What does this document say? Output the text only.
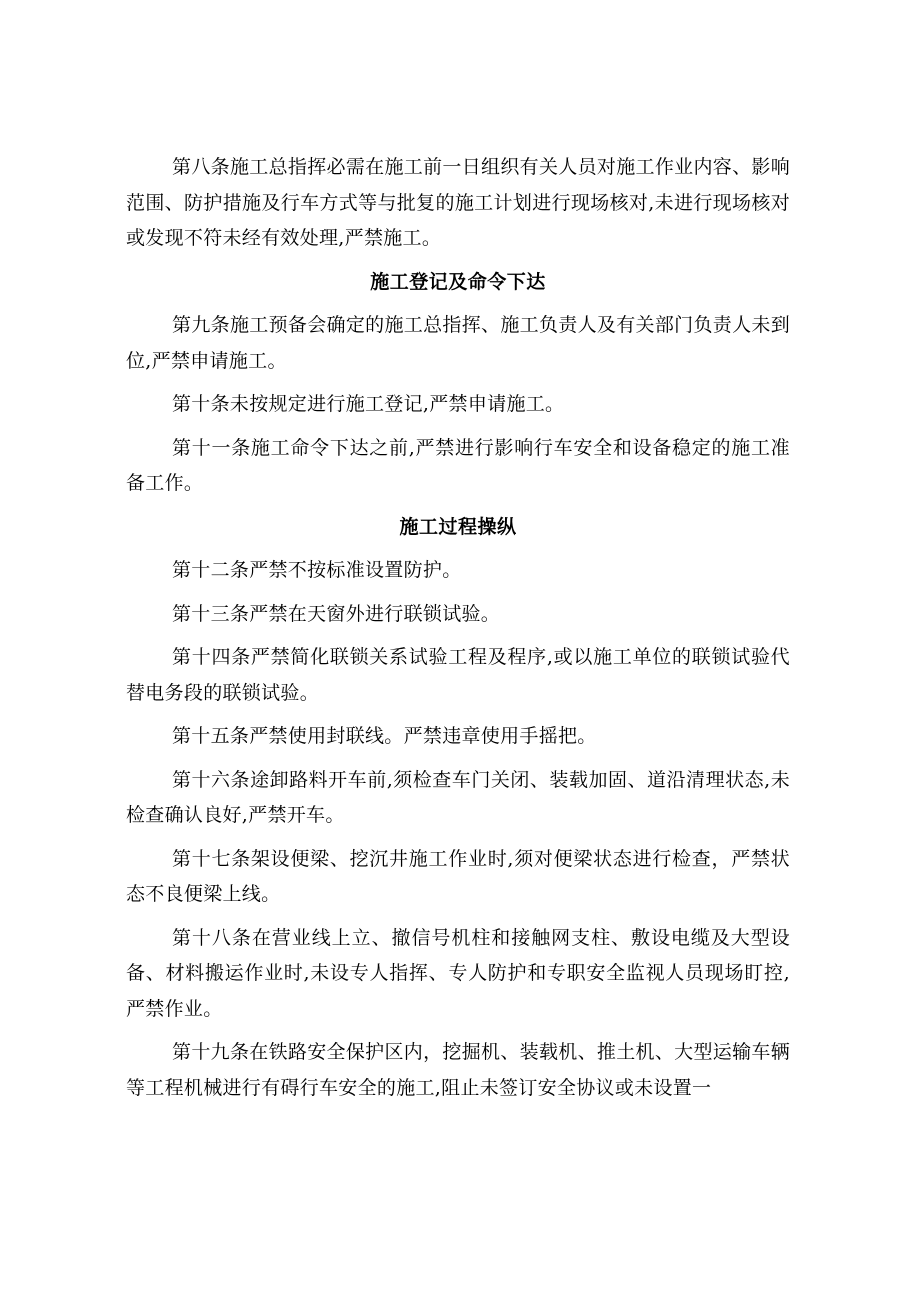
第八条施工总指挥必需在施工前一日组织有关人员对施工作业内容、影响范围、防护措施及行车方式等与批复的施工计划进行现场核对,未进行现场核对或发现不符未经有效处理,严禁施工。

施工登记及命令下达

第九条施工预备会确定的施工总指挥、施工负责人及有关部门负责人未到位,严禁申请施工。

第十条未按规定进行施工登记,严禁申请施工。

第十一条施工命令下达之前,严禁进行影响行车安全和设备稳定的施工准备工作。

施工过程操纵

第十二条严禁不按标准设置防护。

第十三条严禁在天窗外进行联锁试验。

第十四条严禁简化联锁关系试验工程及程序,或以施工单位的联锁试验代替电务段的联锁试验。

第十五条严禁使用封联线。严禁违章使用手摇把。

第十六条途卸路料开车前,须检查车门关闭、装载加固、道沿清理状态,未检查确认良好,严禁开车。

第十七条架设便梁、挖沉井施工作业时,须对便梁状态进行检查，严禁状态不良便梁上线。

第十八条在营业线上立、撤信号机柱和接触网支柱、敷设电缆及大型设备、材料搬运作业时,未设专人指挥、专人防护和专职安全监视人员现场盯控,严禁作业。

第十九条在铁路安全保护区内，挖掘机、装载机、推土机、大型运输车辆等工程机械进行有碍行车安全的施工,阻止未签订安全协议或未设置一
